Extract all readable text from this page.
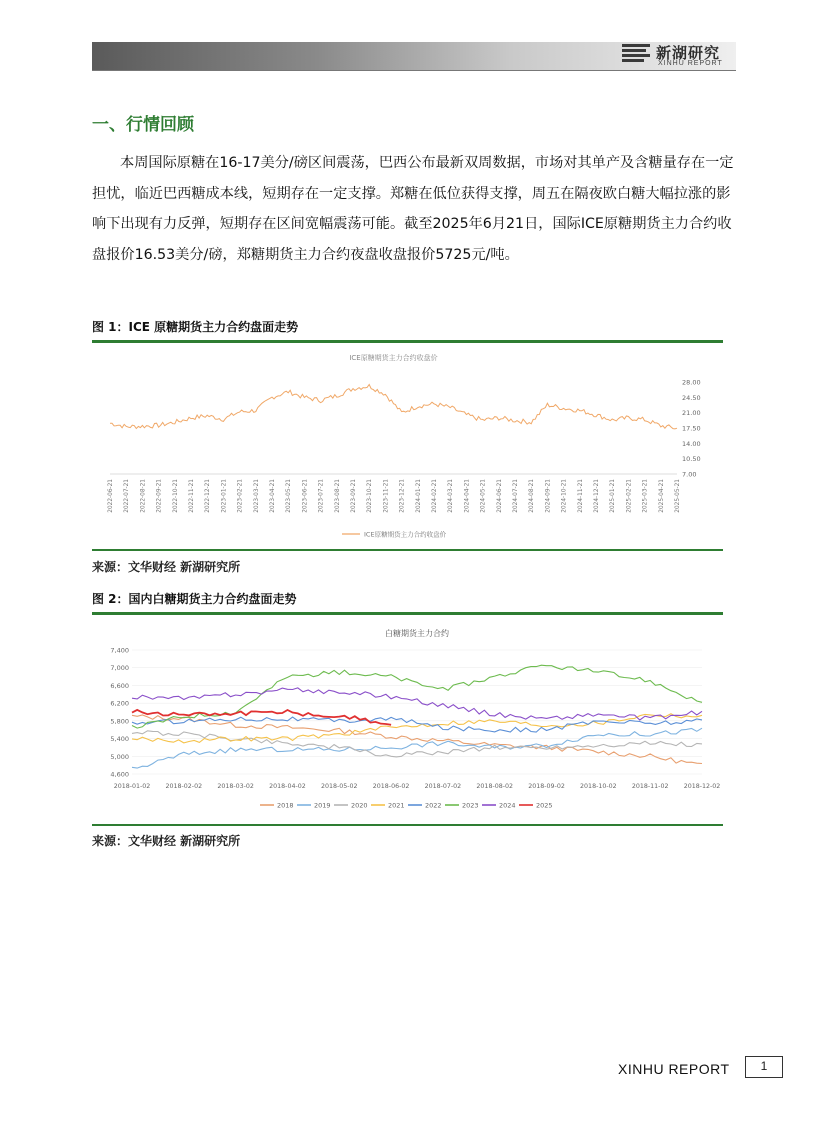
新湖研究
XINHU REPORT
一、行情回顾
本周国际原糖在16-17美分/磅区间震荡，巴西公布最新双周数据，市场对其单产及含糖量存在一定担忧，临近巴西糖成本线，短期存在一定支撑。郑糖在低位获得支撑，周五在隔夜欧白糖大幅拉涨的影响下出现有力反弹，短期存在区间宽幅震荡可能。截至2025年6月21日，国际ICE原糖期货主力合约收盘报价16.53美分/磅，郑糖期货主力合约夜盘收盘报价5725元/吨。
图 1：ICE 原糖期货主力合约盘面走势
ICE原糖期货主力合约收盘价
28.00
24.50
21.00
17.50
14.00
10.50
7.00
2022-06-21 2022-07-21 2022-08-21 2022-09-21 2022-10-21 2022-11-21 2022-12-21 2023-01-21 2023-02-21 2023-03-21 2023-04-21 2023-05-21 2023-06-21 2023-07-21 2023-08-21 2023-09-21 2023-10-21 2023-11-21 2023-12-21 2024-01-21 2024-02-21 2024-03-21 2024-04-21 2024-05-21 2024-06-21 2024-07-21 2024-08-21 2024-09-21 2024-10-21 2024-11-21 2024-12-21 2025-01-21 2025-02-21 2025-03-21 2025-04-21 2025-05-21
ICE原糖期货主力合约收盘价
来源：文华财经 新湖研究所
图 2：国内白糖期货主力合约盘面走势
白糖期货主力合约
7,400
7,000
6,600
6,200
5,800
5,400
5,000
4,600
2018-01-02 2018-02-02 2018-03-02 2018-04-02 2018-05-02 2018-06-02 2018-07-02 2018-08-02 2018-09-02 2018-10-02 2018-11-02 2018-12-02
2018	2019	2020	2021	2022	2023	2024	2025
来源：文华财经 新湖研究所
XINHU REPORT	1
